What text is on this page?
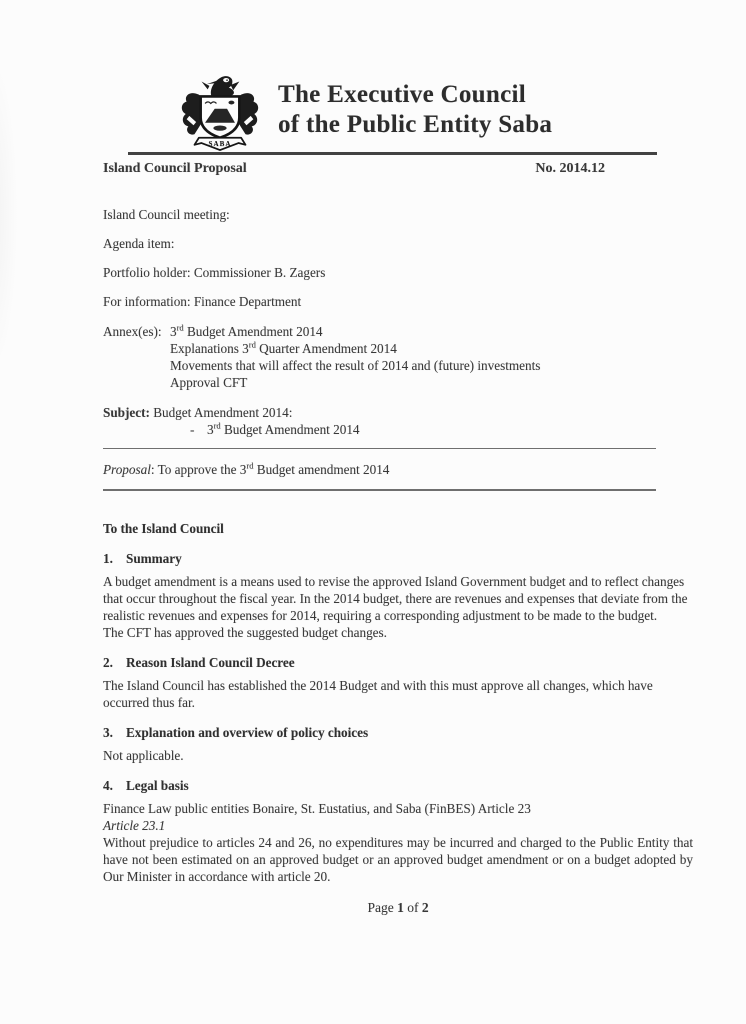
SABA
The Executive Council
of the Public Entity Saba
Island Council Proposal	No. 2014.12
Island Council meeting:
Agenda item:
Portfolio holder: Commissioner B. Zagers
For information: Finance Department
Annex(es): 3rd Budget Amendment 2014
Explanations 3rd Quarter Amendment 2014
Movements that will affect the result of 2014 and (future) investments
Approval CFT
Subject: Budget Amendment 2014:
- 3rd Budget Amendment 2014
Proposal: To approve the 3rd Budget amendment 2014
To the Island Council
1. Summary
A budget amendment is a means used to revise the approved Island Government budget and to reflect changes that occur throughout the fiscal year. In the 2014 budget, there are revenues and expenses that deviate from the realistic revenues and expenses for 2014, requiring a corresponding adjustment to be made to the budget.
The CFT has approved the suggested budget changes.
2. Reason Island Council Decree
The Island Council has established the 2014 Budget and with this must approve all changes, which have occurred thus far.
3. Explanation and overview of policy choices
Not applicable.
4. Legal basis
Finance Law public entities Bonaire, St. Eustatius, and Saba (FinBES) Article 23
Article 23.1
Without prejudice to articles 24 and 26, no expenditures may be incurred and charged to the Public Entity that have not been estimated on an approved budget or an approved budget amendment or on a budget adopted by Our Minister in accordance with article 20.
Page 1 of 2
